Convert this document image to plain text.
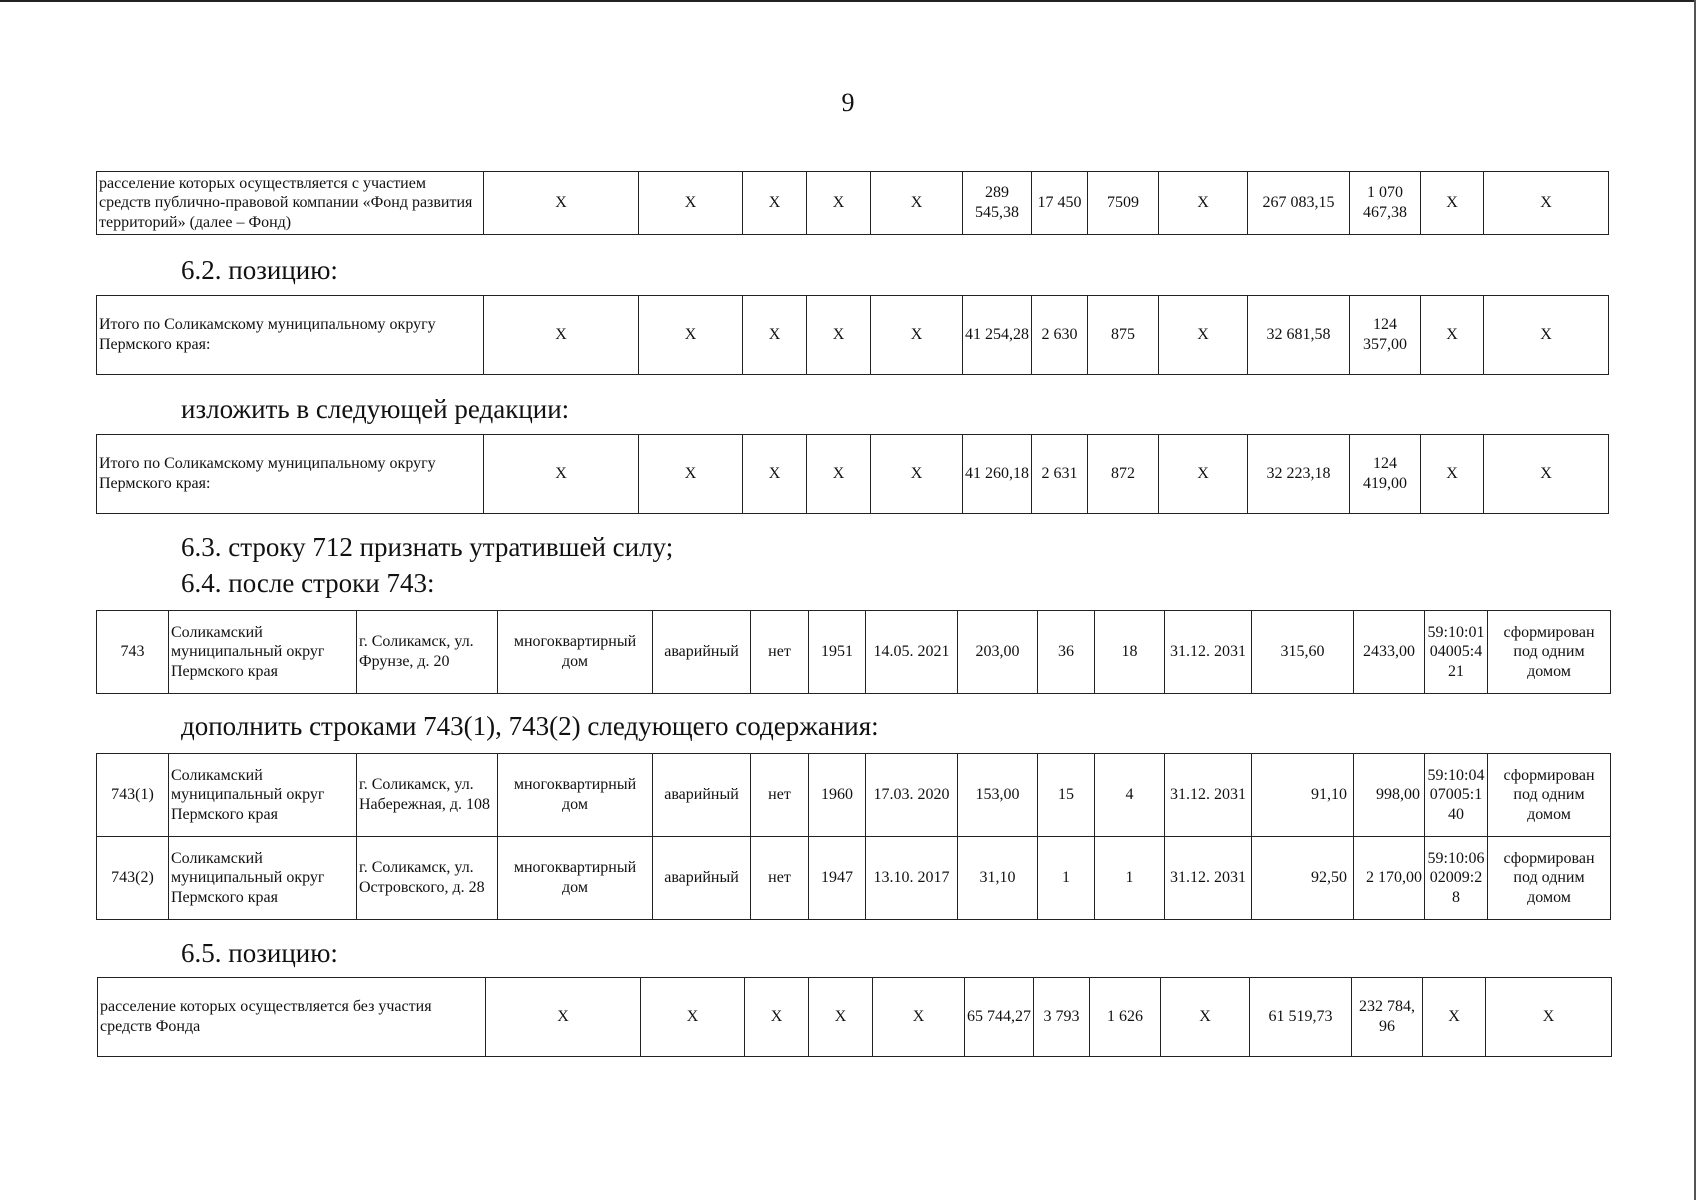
9
расселение которых осуществляется с участием средств публично-правовой компании «Фонд развития территорий» (далее – Фонд)	Х	Х	Х	Х	Х	289 545,38	17 450	7509	Х	267 083,15	1 070 467,38	Х	Х
6.2. позицию:
Итого по Соликамскому муниципальному округу Пермского края:	Х	Х	Х	Х	Х	41 254,28	2 630	875	Х	32 681,58	124 357,00	Х	Х
изложить в следующей редакции:
Итого по Соликамскому муниципальному округу Пермского края:	Х	Х	Х	Х	Х	41 260,18	2 631	872	Х	32 223,18	124 419,00	Х	Х
6.3. строку 712 признать утратившей силу;
6.4. после строки 743:
743	Соликамский муниципальный округ Пермского края	г. Соликамск, ул. Фрунзе, д. 20	многоквартирный дом	аварийный	нет	1951	14.05. 2021	203,00	36	18	31.12. 2031	315,60	2433,00	59:10:01 04005:4 21	сформирован под одним домом
дополнить строками 743(1), 743(2) следующего содержания:
743(1)	Соликамский муниципальный округ Пермского края	г. Соликамск, ул. Набережная, д. 108	многоквартирный дом	аварийный	нет	1960	17.03. 2020	153,00	15	4	31.12. 2031	91,10	998,00	59:10:04 07005:1 40	сформирован под одним домом
743(2)	Соликамский муниципальный округ Пермского края	г. Соликамск, ул. Островского, д. 28	многоквартирный дом	аварийный	нет	1947	13.10. 2017	31,10	1	1	31.12. 2031	92,50	2 170,00	59:10:06 02009:2 8	сформирован под одним домом
6.5. позицию:
расселение которых осуществляется без участия средств Фонда	Х	Х	Х	Х	Х	65 744,27	3 793	1 626	Х	61 519,73	232 784, 96	Х	Х
